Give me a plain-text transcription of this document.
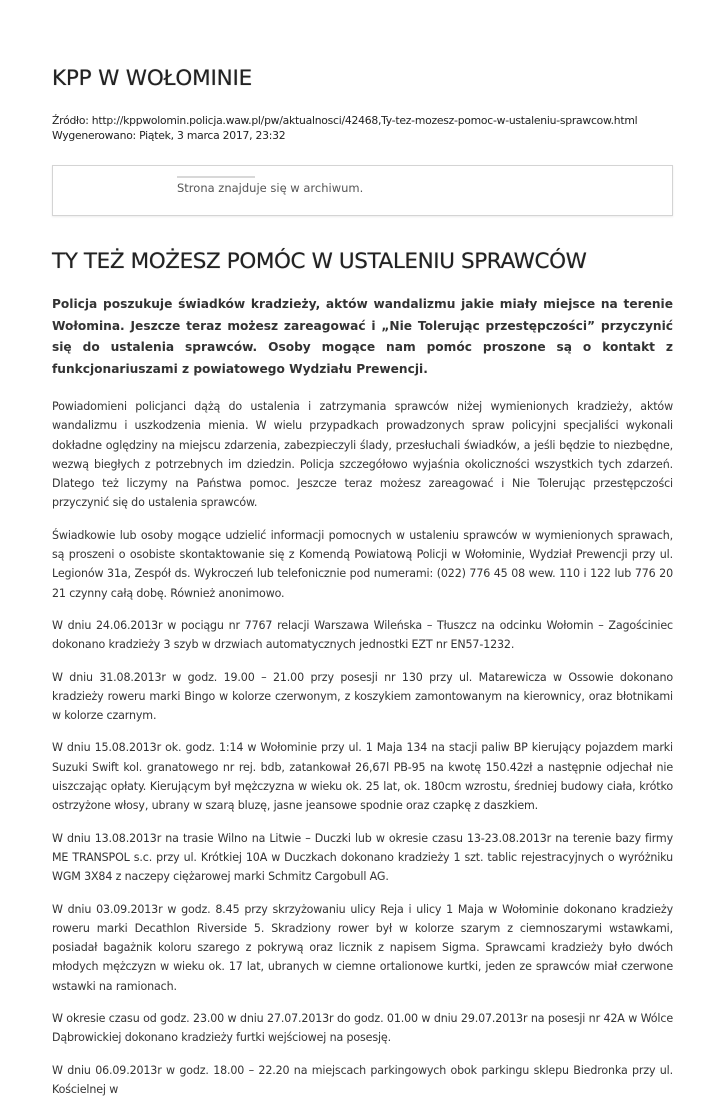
KPP W WOŁOMINIE
Źródło: http://kppwolomin.policja.waw.pl/pw/aktualnosci/42468,Ty-tez-mozesz-pomoc-w-ustaleniu-sprawcow.html
Wygenerowano: Piątek, 3 marca 2017, 23:32
Strona znajduje się w archiwum.
TY TEŻ MOŻESZ POMÓC W USTALENIU SPRAWCÓW

Policja poszukuje świadków kradzieży, aktów wandalizmu jakie miały miejsce na terenie Wołomina. Jeszcze teraz możesz zareagować i „Nie Tolerując przestępczości” przyczynić się do ustalenia sprawców. Osoby mogące nam pomóc proszone są o kontakt z funkcjonariuszami z powiatowego Wydziału Prewencji.

Powiadomieni policjanci dążą do ustalenia i zatrzymania sprawców niżej wymienionych kradzieży, aktów wandalizmu i uszkodzenia mienia. W wielu przypadkach prowadzonych spraw policyjni specjaliści wykonali dokładne oględziny na miejscu zdarzenia, zabezpieczyli ślady, przesłuchali świadków, a jeśli będzie to niezbędne, wezwą biegłych z potrzebnych im dziedzin. Policja szczegółowo wyjaśnia okoliczności wszystkich tych zdarzeń. Dlatego też liczymy na Państwa pomoc. Jeszcze teraz możesz zareagować i Nie Tolerując przestępczości przyczynić się do ustalenia sprawców.

Świadkowie lub osoby mogące udzielić informacji pomocnych w ustaleniu sprawców w wymienionych sprawach, są proszeni o osobiste skontaktowanie się z Komendą Powiatową Policji w Wołominie, Wydział Prewencji przy ul. Legionów 31a, Zespół ds. Wykroczeń lub telefonicznie pod numerami: (022) 776 45 08 wew. 110 i 122 lub 776 20 21 czynny całą dobę. Również anonimowo.

W dniu 24.06.2013r w pociągu nr 7767 relacji Warszawa Wileńska – Tłuszcz na odcinku Wołomin – Zagościniec dokonano kradzieży 3 szyb w drzwiach automatycznych jednostki EZT nr EN57-1232.

W dniu 31.08.2013r w godz. 19.00 – 21.00 przy posesji nr 130 przy ul. Matarewicza w Ossowie dokonano kradzieży roweru marki Bingo w kolorze czerwonym, z koszykiem zamontowanym na kierownicy, oraz błotnikami w kolorze czarnym.

W dniu 15.08.2013r ok. godz. 1:14 w Wołominie przy ul. 1 Maja 134 na stacji paliw BP kierujący pojazdem marki Suzuki Swift kol. granatowego nr rej. bdb, zatankował 26,67l PB-95 na kwotę 150.42zł a następnie odjechał nie uiszczając opłaty. Kierującym był mężczyzna w wieku ok. 25 lat, ok. 180cm wzrostu, średniej budowy ciała, krótko ostrzyżone włosy, ubrany w szarą bluzę, jasne jeansowe spodnie oraz czapkę z daszkiem.

W dniu 13.08.2013r na trasie Wilno na Litwie – Duczki lub w okresie czasu 13-23.08.2013r na terenie bazy firmy ME TRANSPOL s.c. przy ul. Krótkiej 10A w Duczkach dokonano kradzieży 1 szt. tablic rejestracyjnych o wyróżniku WGM 3X84 z naczepy ciężarowej marki Schmitz Cargobull AG.

W dniu 03.09.2013r w godz. 8.45 przy skrzyżowaniu ulicy Reja i ulicy 1 Maja w Wołominie dokonano kradzieży roweru marki Decathlon Riverside 5. Skradziony rower był w kolorze szarym z ciemnoszarymi wstawkami, posiadał bagażnik koloru szarego z pokrywą oraz licznik z napisem Sigma. Sprawcami kradzieży było dwóch młodych mężczyzn w wieku ok. 17 lat, ubranych w ciemne ortalionowe kurtki, jeden ze sprawców miał czerwone wstawki na ramionach.

W okresie czasu od godz. 23.00 w dniu 27.07.2013r do godz. 01.00 w dniu 29.07.2013r na posesji nr 42A w Wólce Dąbrowickiej dokonano kradzieży furtki wejściowej na posesję.

W dniu 06.09.2013r w godz. 18.00 – 22.20 na miejscach parkingowych obok parkingu sklepu Biedronka przy ul. Kościelnej w
